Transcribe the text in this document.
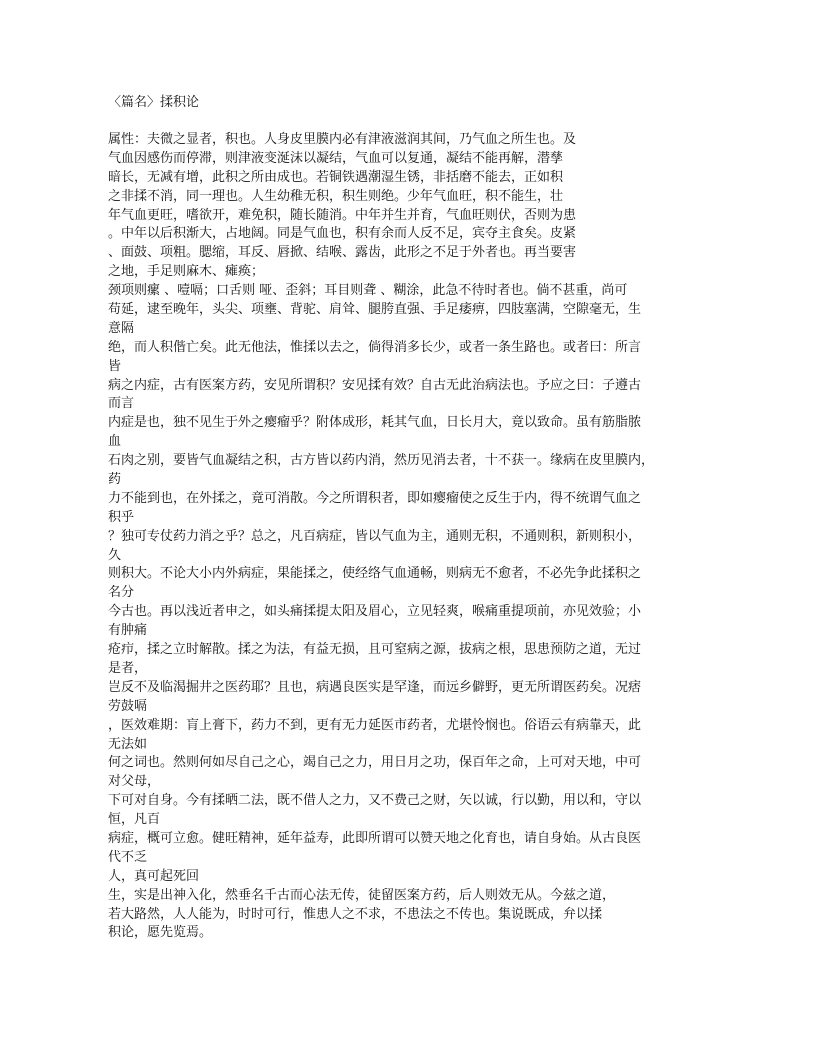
〈篇名〉揉积论
属性：夫微之显者，积也。人身皮里膜内必有津液滋润其间，乃气血之所生也。及
气血因感伤而停滞，则津液变涎沫以凝结，气血可以复通，凝结不能再解，潜孳
暗长，无减有增，此积之所由成也。若铜铁遇潮湿生锈，非括磨不能去，正如积
之非揉不消，同一理也。人生幼稚无积，积生则绝。少年气血旺，积不能生，壮
年气血更旺，嗜欲开，难免积，随长随消。中年并生并育，气血旺则伏，否则为患
。中年以后积渐大，占地阔。同是气血也，积有余而人反不足，宾夺主食矣。皮紧
、面鼓、项粗。腮缩，耳反、唇掀、结喉、露齿，此形之不足于外者也。再当要害
之地，手足则麻木、瘫痪；
颈项则瘰 、噎嗝；口舌则 哑、歪斜；耳目则聋 、糊涂，此急不待时者也。倘不甚重，尚可
苟延，逮至晚年，头尖、项壅、背驼、肩耸、腿胯直强、手足痿痹，四肢塞满，空隙毫无，生
意隔
绝，而人积偕亡矣。此无他法，惟揉以去之，倘得消多长少，或者一条生路也。或者曰：所言
皆
病之内症，古有医案方药，安见所谓积？安见揉有效？自古无此治病法也。予应之曰：子遵古
而言
内症是也，独不见生于外之瘿瘤乎？附体成形，耗其气血，日长月大，竟以致命。虽有筋脂脓
血
石肉之别，要皆气血凝结之积，古方皆以药内消，然历见消去者，十不获一。缘病在皮里膜内，
药
力不能到也，在外揉之，竟可消散。今之所谓积者，即如瘿瘤使之反生于内，得不统谓气血之
积乎
？独可专仗药力消之乎？总之，凡百病症，皆以气血为主，通则无积，不通则积，新则积小，
久
则积大。不论大小内外病症，果能揉之，使经络气血通畅，则病无不愈者，不必先争此揉积之
名分
今古也。再以浅近者申之，如头痛揉提太阳及眉心，立见轻爽，喉痛重提项前，亦见效验；小
有肿痛
疮疖，揉之立时解散。揉之为法，有益无损，且可窒病之源，拔病之根，思患预防之道，无过
是者，
岂反不及临渴掘井之医药耶？且也，病遇良医实是罕逢，而远乡僻野，更无所谓医药矣。况痞
劳鼓嗝
，医效难期：肓上膏下，药力不到，更有无力延医市药者，尤堪怜悯也。俗语云有病靠天，此
无法如
何之词也。然则何如尽自己之心，竭自己之力，用日月之功，保百年之命，上可对天地，中可
对父母，
下可对自身。今有揉晒二法，既不借人之力，又不费己之财，矢以诚，行以勤，用以和，守以
恒，凡百
病症，概可立愈。健旺精神，延年益寿，此即所谓可以赞天地之化育也，请自身始。从古良医
代不乏
人，真可起死回
生，实是出神入化，然垂名千古而心法无传，徒留医案方药，后人则效无从。今兹之道，
若大路然，人人能为，时时可行，惟患人之不求，不患法之不传也。集说既成，弁以揉
积论，愿先览焉。
